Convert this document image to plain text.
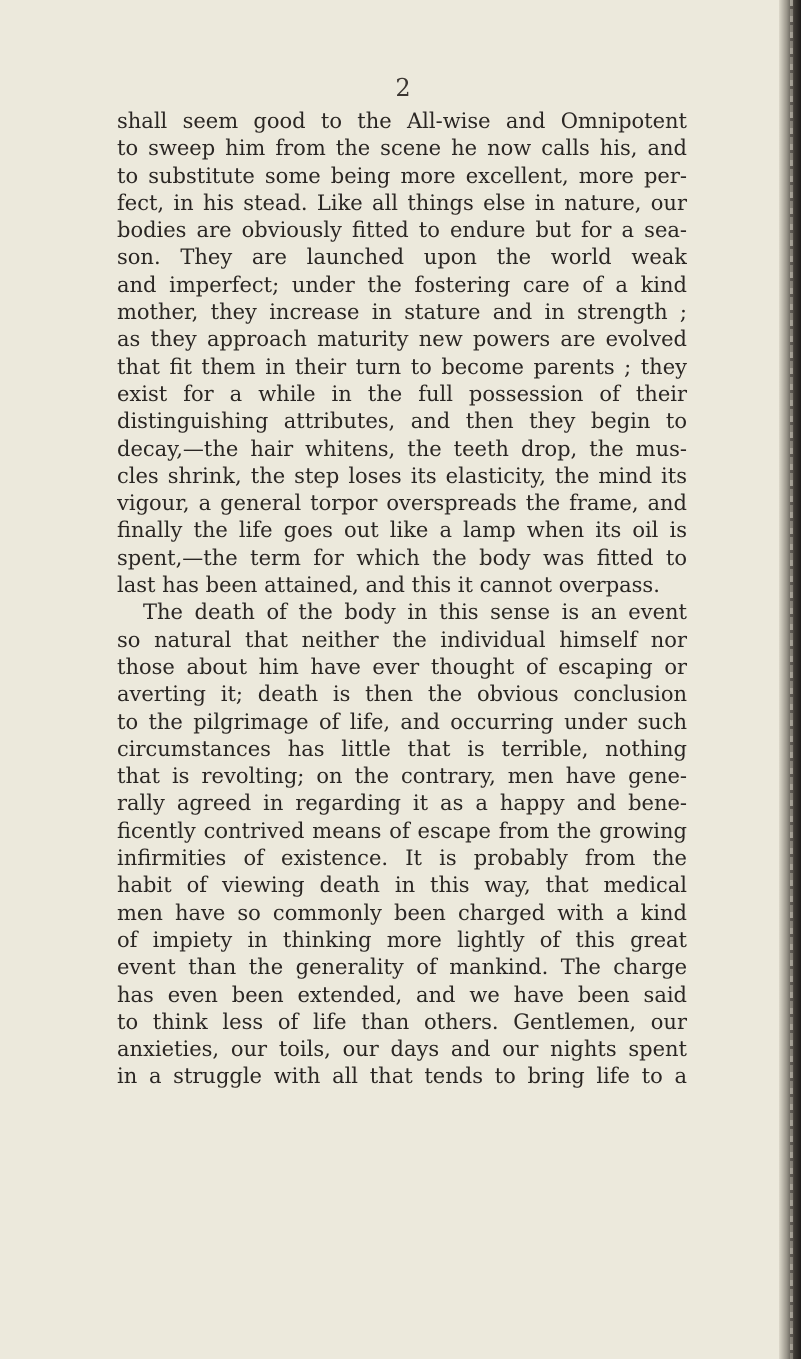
2
shall seem good to the All-wise and Omnipotent
to sweep him from the scene he now calls his, and
to substitute some being more excellent, more per-
fect, in his stead. Like all things else in nature, our
bodies are obviously fitted to endure but for a sea-
son. They are launched upon the world weak
and imperfect; under the fostering care of a kind
mother, they increase in stature and in strength ;
as they approach maturity new powers are evolved
that fit them in their turn to become parents ; they
exist for a while in the full possession of their
distinguishing attributes, and then they begin to
decay,—the hair whitens, the teeth drop, the mus-
cles shrink, the step loses its elasticity, the mind its
vigour, a general torpor overspreads the frame, and
finally the life goes out like a lamp when its oil is
spent,—the term for which the body was fitted to
last has been attained, and this it cannot overpass.
The death of the body in this sense is an event
so natural that neither the individual himself nor
those about him have ever thought of escaping or
averting it; death is then the obvious conclusion
to the pilgrimage of life, and occurring under such
circumstances has little that is terrible, nothing
that is revolting; on the contrary, men have gene-
rally agreed in regarding it as a happy and bene-
ficently contrived means of escape from the growing
infirmities of existence. It is probably from the
habit of viewing death in this way, that medical
men have so commonly been charged with a kind
of impiety in thinking more lightly of this great
event than the generality of mankind. The charge
has even been extended, and we have been said
to think less of life than others. Gentlemen, our
anxieties, our toils, our days and our nights spent
in a struggle with all that tends to bring life to a
